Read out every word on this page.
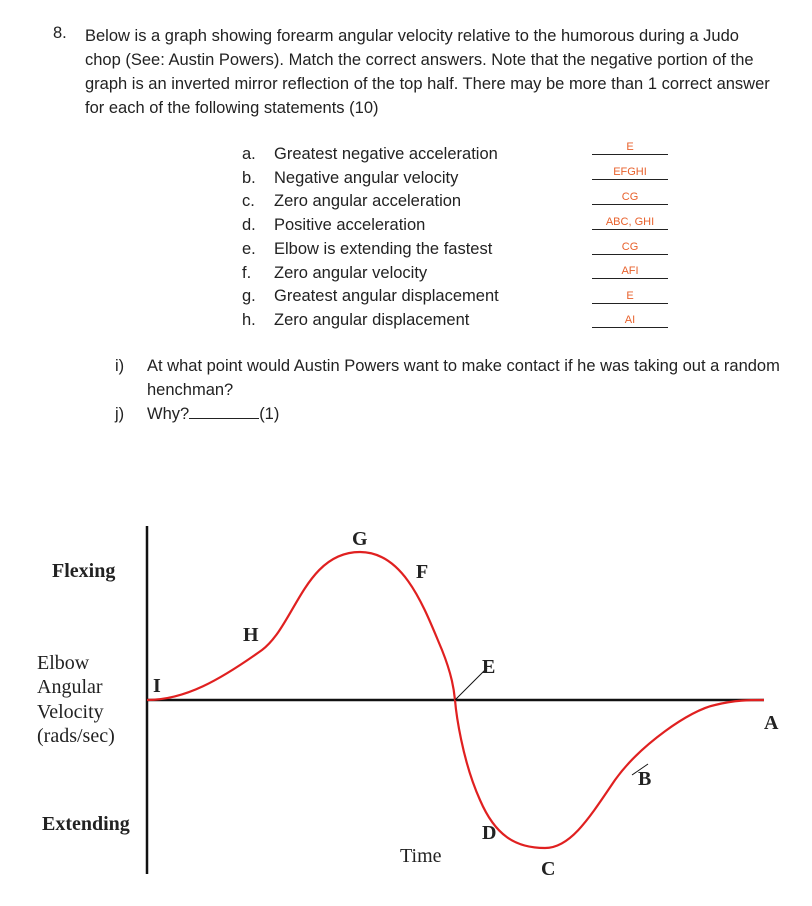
8. Below is a graph showing forearm angular velocity relative to the humorous during a Judo chop (See: Austin Powers). Match the correct answers. Note that the negative portion of the graph is an inverted mirror reflection of the top half. There may be more than 1 correct answer for each of the following statements (10)
a. Greatest negative acceleration
b. Negative angular velocity
c. Zero angular acceleration
d. Positive acceleration
e. Elbow is extending the fastest
f. Zero angular velocity
g. Greatest angular displacement
h. Zero angular displacement
E
EFGHI
CG
ABC, GHI
CG
AFI
E
AI
i) At what point would Austin Powers want to make contact if he was taking out a random henchman?
j) Why?	(1)
Flexing
Extending
Elbow
Angular
Velocity
(rads/sec)
Time
I
H
G
F
E
D
C
B
A
